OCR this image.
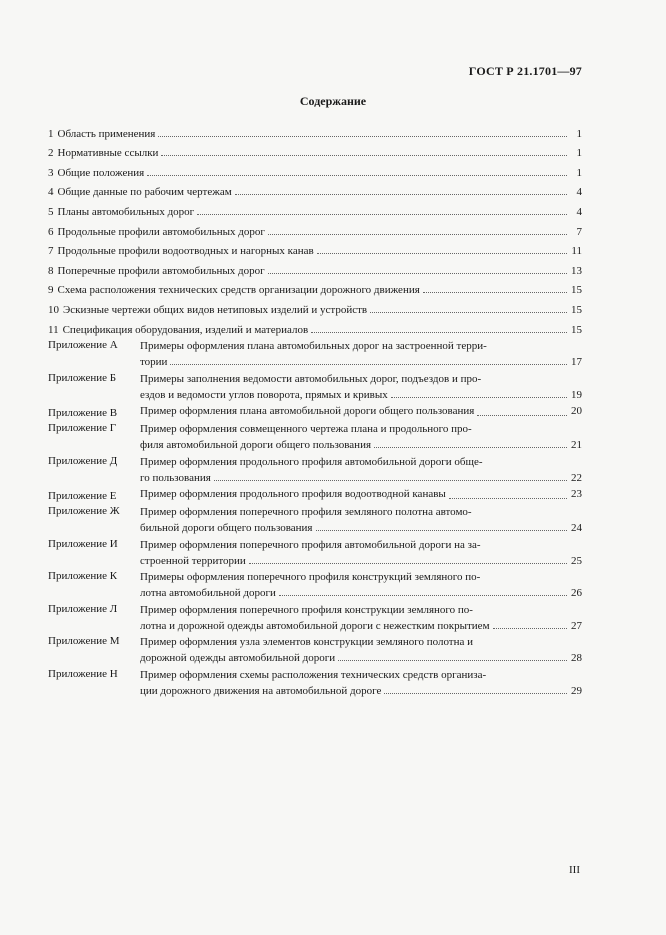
ГОСТ Р 21.1701—97
Содержание
1 Область применения	1
2 Нормативные ссылки	1
3 Общие положения	1
4 Общие данные по рабочим чертежам	4
5 Планы автомобильных дорог	4
6 Продольные профили автомобильных дорог	7
7 Продольные профили водоотводных и нагорных канав	11
8 Поперечные профили автомобильных дорог	13
9 Схема расположения технических средств организации дорожного движения	15
10 Эскизные чертежи общих видов нетиповых изделий и устройств	15
11 Спецификация оборудования, изделий и материалов	15
Приложение А	Примеры оформления плана автомобильных дорог на застроенной терри-
тории	17
Приложение Б	Примеры заполнения ведомости автомобильных дорог, подъездов и про-
ездов и ведомости углов поворота, прямых и кривых	19
Приложение В	Пример оформления плана автомобильной дороги общего пользования	20
Приложение Г	Пример оформления совмещенного чертежа плана и продольного про-
филя автомобильной дороги общего пользования	21
Приложение Д	Пример оформления продольного профиля автомобильной дороги обще-
го пользования	22
Приложение Е	Пример оформления продольного профиля водоотводной канавы	23
Приложение Ж	Пример оформления поперечного профиля земляного полотна автомо-
бильной дороги общего пользования	24
Приложение И	Пример оформления поперечного профиля автомобильной дороги на за-
строенной территории	25
Приложение К	Примеры оформления поперечного профиля конструкций земляного по-
лотна автомобильной дороги	26
Приложение Л	Пример оформления поперечного профиля конструкции земляного по-
лотна и дорожной одежды автомобильной дороги с нежестким покрытием	27
Приложение М	Пример оформления узла элементов конструкции земляного полотна и
дорожной одежды автомобильной дороги	28
Приложение Н	Пример оформления схемы расположения технических средств организа-
ции дорожного движения на автомобильной дороге	29
III
